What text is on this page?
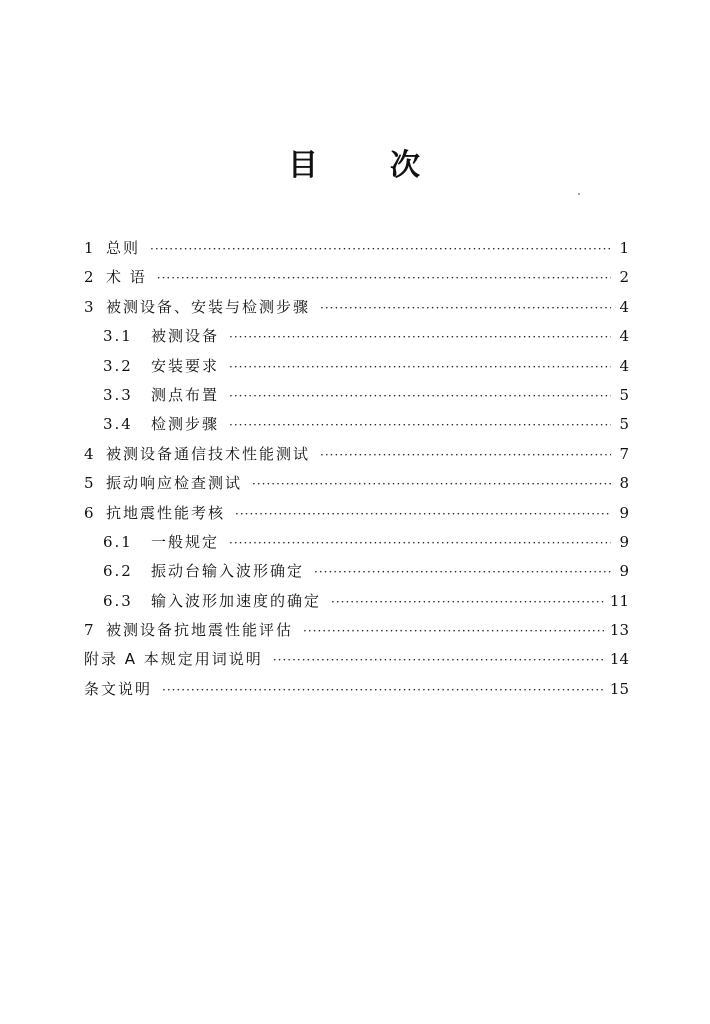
目 次
1 总则 ·····	1
2 术 语 ·····	2
3 被测设备、安装与检测步骤 ·····	4
3.1	被测设备 ·····	4
3.2	安装要求 ·····	4
3.3	测点布置 ·····	5
3.4	检测步骤 ·····	5
4 被测设备通信技术性能测试 ·····	7
5 振动响应检查测试 ·····	8
6 抗地震性能考核 ·····	9
6.1	一般规定 ·····	9
6.2	振动台输入波形确定 ·····	9
6.3	输入波形加速度的确定 ·····	11
7 被测设备抗地震性能评估 ·····	13
附录 A 本规定用词说明 ·····	14
条文说明 ·····	15
